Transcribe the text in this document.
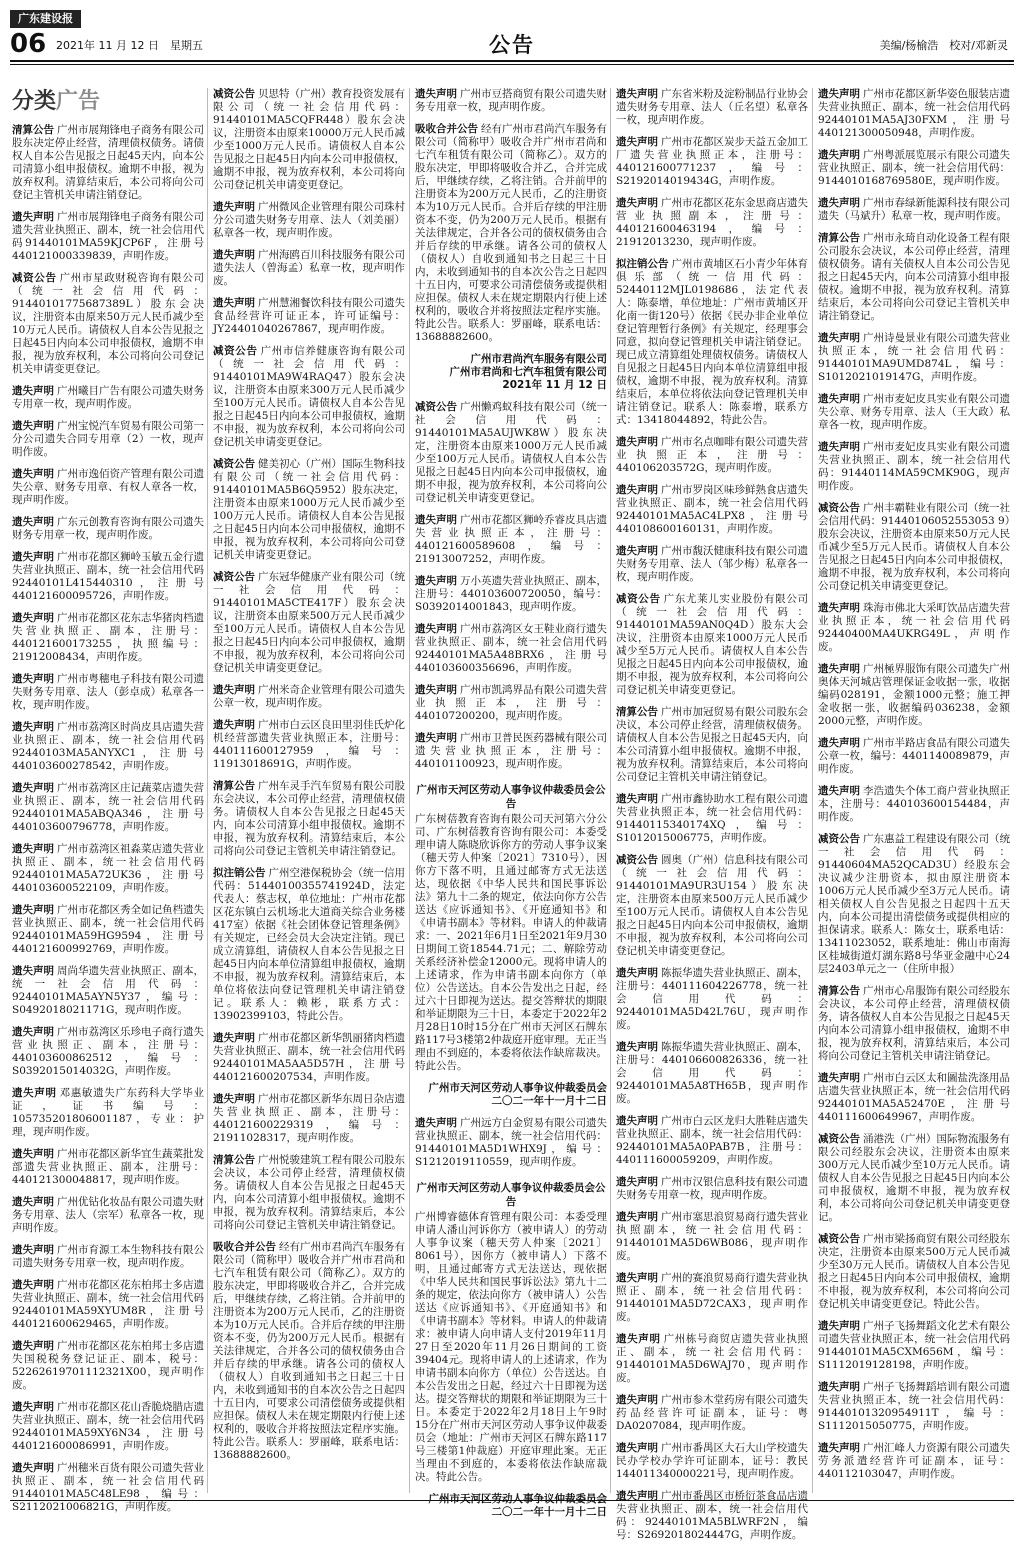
广东建设报
06 2021年 11 月 12 日　星期五	公告	美编/杨榆浩　校对/邓新灵
分类广告

清算公告 广州市展翔锋电子商务有限公司股东决定停止经营，清理债权债务。请债权人自本公告见报之日起45天内，向本公司清算小组申报债权。逾期不申报，视为放弃权利。清算结束后，本公司将向公司登记主管机关申请注销登记。

遗失声明 广州市展翔锋电子商务有限公司遗失营业执照正、副本，统一社会信用代码91440101MA59KJCP6F，注册号440121000339839，声明作废。

减资公告 广州市星政财税咨询有限公司（统一社会信用代码：91440101775687389L）股东会决议，注册资本由原来50万元人民币减少至10万元人民币。请债权人自本公告见报之日起45日内向本公司申报债权，逾期不申报，视为放弃权利，本公司将向公司登记机关申请变更登记。

遗失声明 广州曦目广告有限公司遗失财务专用章一枚，现声明作废。

遗失声明 广州宝悦汽车贸易有限公司第一分公司遗失合同专用章（2）一枚，现声明作废。

遗失声明 广州市逸佰资产管理有限公司遗失公章、财务专用章、有权人章各一枚，现声明作废。

遗失声明 广东元创教育咨询有限公司遗失财务专用章一枚，现声明作废。

遗失声明 广州市花都区狮岭玉敏五金行遗失营业执照正、副本，统一社会信用代码92440101L415440310，注册号440121600095726，声明作废。

遗失声明 广州市花都区花东志华猪肉档遗失营业执照正、副本，注册号：440121600173255，执照编号：21912008434，声明作废。

遗失声明 广州市粤穗电子科技有限公司遗失财务专用章、法人（彭卓成）私章各一枚，现声明作废。

遗失声明 广州市荔湾区时尚皮具店遗失营业执照正、副本，统一社会信用代码92440103MA5ANYXC1，注册号440103600278542，声明作废。

遗失声明 广州市荔湾区庄记蔬菜店遗失营业执照正、副本，统一社会信用代码92440101MA5ABQA346，注册号440103600796778，声明作废。

遗失声明 广州市荔湾区祖淼菜店遗失营业执照正、副本，统一社会信用代码92440101MA5A72UK36，注册号440103600522109，声明作废。

遗失声明 广州市花都区秀全如记鱼档遗失营业执照正、副本，统一社会信用代码92440101MA59HG9594，注册号440121600992769，声明作废。

遗失声明 周尚华遗失营业执照正、副本，统一社会信用代码：92440101MA5AYN5Y37，编号：S0492018021171G，现声明作废。

遗失声明 广州市荔湾区乐珍电子商行遗失营业执照正、副本，注册号：440103600862512，编号：S0392015014032G，声明作废。

遗失声明 邓惠敏遗失广东药科大学毕业证，证书编号：105735201806001187，专业：护理，现声明作废。

遗失声明 广州市花都区新华宜生蔬菜批发部遗失营业执照正、副本，注册号：440121300048817，现声明作废。

遗失声明 广州优钻化妆品有限公司遗失财务专用章、法人（宗军）私章各一枚，现声明作废。

遗失声明 广州市育源工本生物科技有限公司遗失财务专用章一枚，现声明作废。

遗失声明 广州市花都区花东柏邦士多店遗失营业执照正、副本，统一社会信用代码92440101MA59XYUM8R，注册号440121600629465，声明作废。

遗失声明 广州市花都区花东柏邦士多店遗失国税税务登记证正、副本，税号：52262619701112321X00，现声明作废。

遗失声明 广州市花都区花山香脆烧腊店遗失营业执照正、副本，统一社会信用代码92440101MA59XY6N34，注册号440121600086991，声明作废。

遗失声明 广州穗米百货有限公司遗失营业执照正、副本，统一社会信用代码91440101MA5C48LE98，编号：S2112021006821G，声明作废。

减资公告 贝思特（广州）教育投资发展有限公司（统一社会信用代码：91440101MA5CQFR448）股东会决议，注册资本由原来10000万元人民币减少至1000万元人民币。请债权人自本公告见报之日起45日内向本公司申报债权，逾期不申报，视为放弃权利，本公司将向公司登记机关申请变更登记。

遗失声明 广州微风企业管理有限公司珠村分公司遗失财务专用章、法人（刘美丽）私章各一枚，现声明作废。

遗失声明 广州海鸥百川科技服务有限公司遗失法人（曾海孟）私章一枚，现声明作废。

遗失声明 广州慧湘餐饮科技有限公司遗失食品经营许可证正本，许可证编号：JY24401040267867，现声明作废。

减资公告 广州市信养健康咨询有限公司（统一社会信用代码：91440101MA9W4RAQ47）股东会决议，注册资本由原来300万元人民币减少至100万元人民币。请债权人自本公告见报之日起45日内向本公司申报债权，逾期不申报，视为放弃权利，本公司将向公司登记机关申请变更登记。

减资公告 健美初心（广州）国际生物科技有限公司（统一社会信用代码：91440101MA5B6Q5952）股东决定，注册资本由原来1000万元人民币减少至100万元人民币。请债权人自本公告见报之日起45日内向本公司申报债权，逾期不申报，视为放弃权利，本公司将向公司登记机关申请变更登记。

减资公告 广东冠华健康产业有限公司（统一社会信用代码：91440101MA5CTE417F）股东会决议，注册资本由原来500万元人民币减少至100万元人民币。请债权人自本公告见报之日起45日内向本公司申报债权，逾期不申报，视为放弃权利，本公司将向公司登记机关申请变更登记。

遗失声明 广州米奇企业管理有限公司遗失公章一枚，现声明作废。

遗失声明 广州市白云区良田里羽佳氏炉化机经营部遗失营业执照正本，注册号：440111600127959，编号：11913018691G，声明作废。

清算公告 广州车灵手汽车贸易有限公司股东会决议，本公司停止经营，清理债权债务。请债权人自本公告见报之日起45天内，向本公司清算小组申报债权。逾期不申报，视为放弃权利。清算结束后，本公司将向公司登记主管机关申请注销登记。

拟注销公告 广州空港保税协会（统一信用代码：51440100355741924D，法定代表人：蔡志权，单位地址：广州市花都区花东镇白云机场北大道商关综合业务楼417室）依据《社会团体登记管理条例》有关规定，已经会员大会决定注销。现已成立清算组，请债权人自本公告见报之日起45日内向本单位清算组申报债权，逾期不申报，视为放弃权利。清算结束后，本单位将依法向登记管理机关申请注销登记。联系人：赖彬，联系方式：13902399103，特此公告。

遗失声明 广州市花都区新华凯丽猪肉档遗失营业执照正、副本，统一社会信用代码92440101MA5AA5D57H，注册号440121600207534，声明作废。

遗失声明 广州市花都区新华东周日杂店遗失营业执照正、副本，注册号：440121600229319，编号：21911028317，现声明作废。

清算公告 广州悦骏建筑工程有限公司股东会决议，本公司停止经营，清理债权债务。请债权人自本公告见报之日起45天内，向本公司清算小组申报债权。逾期不申报，视为放弃权利。清算结束后，本公司将向公司登记主管机关申请注销登记。

吸收合并公告 经有广州市君尚汽车服务有限公司（简称甲）吸收合并广州市君尚和七汽车租赁有限公司（简称乙）。双方的股东决定，甲即将吸收合并乙，合并完成后，甲继续存续，乙将注销。合并前甲的注册资本为200万元人民币，乙的注册资本为10万元人民币。合并后存续的甲注册资本不变，仍为200万元人民币。根据有关法律规定，合并各公司的债权债务由合并后存续的甲承继。请各公司的债权人（债权人）自收到通知书之日起三十日内，未收到通知书的自本次公告之日起四十五日内，可要求公司清偿债务或提供相应担保。债权人未在规定期限内行使上述权利的，吸收合并将按照法定程序实施。特此公告。联系人：罗丽峰，联系电话：13688882600。

遗失声明 广州市豆搭商贸有限公司遗失财务专用章一枚，现声明作废。

吸收合并公告 经有广州市君尚汽车服务有限公司（简称甲）吸收合并广州市君尚和七汽车租赁有限公司（简称乙）。双方的股东决定，甲即将吸收合并乙，合并完成后，甲继续存续，乙将注销。合并前甲的注册资本为200万元人民币，乙的注册资本为10万元人民币。合并后存续的甲注册资本不变，仍为200万元人民币。根据有关法律规定，合并各公司的债权债务由合并后存续的甲承继。请各公司的债权人（债权人）自收到通知书之日起三十日内，未收到通知书的自本次公告之日起四十五日内，可要求公司清偿债务或提供相应担保。债权人未在规定期限内行使上述权利的，吸收合并将按照法定程序实施。特此公告。联系人：罗丽峰，联系电话：13688882600。

广州市君尚汽车服务有限公司

广州市君尚和七汽车租赁有限公司

2021年 11 月 12 日

减资公告 广州懒鸡蚁科技有限公司（统一社会信用代码：91440101MA5AUJWK8W）股东决定，注册资本由原来1000万元人民币减少至100万元人民币。请债权人自本公告见报之日起45日内向本公司申报债权，逾期不申报，视为放弃权利，本公司将向公司登记机关申请变更登记。

遗失声明 广州市花都区狮岭乔睿皮具店遗失营业执照正本，注册号：440121600589608，编号：21913007252，声明作废。

遗失声明 万小英遗失营业执照正、副本，注册号：440103600720050，编号：S0392014001843，现声明作废。

遗失声明 广州市荔湾区女王鞋业商行遗失营业执照正、副本，统一社会信用代码92440101MA5A48BRX6，注册号440103600356696，声明作废。

遗失声明 广州市凯鸿界品有限公司遗失营业执照正本，注册号：440107200200，现声明作废。

遗失声明 广州市卫普民医药器械有限公司遗失营业执照正本，注册号：440101100923，现声明作废。

广州市天河区劳动人事争议仲裁委员会公告

广东树蓓教育咨询有限公司天河第六分公司、广东树蓓教育咨询有限公司：本委受理申请人陈晓欣诉你方的劳动人事争议案（穗天劳人仲案〔2021〕7310号），因你方下落不明，且通过邮寄方式无法送达，现依据《中华人民共和国民事诉讼法》第九十二条的规定，依法向你方公告送达《应诉通知书》、《开庭通知书》和《申请书副本》等材料。申请人的仲裁请求：一、2021年6月1日至2021年9月30日期间工资18544.71元；二、解除劳动关系经济补偿金12000元。现将申请人的上述请求，作为申请书副本向你方（单位）公告送达。自本公告发出之日起，经过六十日即视为送达。提交答辩状的期限和举证期限为三十日，本委定于2022年2月28日10时15分在广州市天河区石牌东路117号3楼第2仲裁庭开庭审理。无正当理由不到庭的，本委将依法作缺席裁决。特此公告。

广州市天河区劳动人事争议仲裁委员会

二〇二一年十一月十二日

遗失声明 广州远方白金贸易有限公司遗失营业执照正、副本，统一社会信用代码：91440101MA5D1WHX9J，编号：S1212019110559，现声明作废。

广州市天河区劳动人事争议仲裁委员会公告

广州博睿德体育管理有限公司：本委受理申请人潘山河诉你方（被申请人）的劳动人事争议案（穗天劳人仲案〔2021〕8061号），因你方（被申请人）下落不明，且通过邮寄方式无法送达，现依据《中华人民共和国民事诉讼法》第九十二条的规定，依法向你方（被申请人）公告送达《应诉通知书》、《开庭通知书》和《申请书副本》等材料。申请人的仲裁请求：被申请人向申请人支付2019年11月27日至2020年11月26日期间的工资39404元。现将申请人的上述请求，作为申请书副本向你方（单位）公告送达。自本公告发出之日起，经过六十日即视为送达。提交答辩状的期限和举证期限为三十日。本委定于2022年2月18日上午9时15分在广州市天河区劳动人事争议仲裁委员会（地址：广州市天河区石牌东路117号三楼第1仲裁庭）开庭审理此案。无正当理由不到庭的，本委将依法作缺席裁决。特此公告。

广州市天河区劳动人事争议仲裁委员会

二〇二一年十一月十二日

遗失声明 广东省米粉及淀粉制品行业协会遗失财务专用章、法人（丘名望）私章各一枚，现声明作废。

遗失声明 广州市花都区炭步天益五金加工厂遗失营业执照正本，注册号：440121600771237，编号：S2192014019434G，声明作废。

遗失声明 广州市花都区花东金思商店遗失营业执照副本，注册号：440121600463194，编号：21912013230，现声明作废。

拟注销公告 广州市黄埔区石小青少年体育俱乐部（统一信用代码：52440112MJL0198686，法定代表人：陈泰增，单位地址：广州市黄埔区开化南一街120号）依据《民办非企业单位登记管理暂行条例》有关规定，经理事会同意，拟向登记管理机关申请注销登记。现已成立清算组处理债权债务。请债权人自见报之日起45日内向本单位清算组申报债权，逾期不申报，视为放弃权利。清算结束后，本单位将依法向登记管理机关申请注销登记。联系人：陈泰增，联系方式：13418044892，特此公告。

遗失声明 广州市名点咖啡有限公司遗失营业执照正本，注册号：440106203572G，现声明作废。

遗失声明 广州市罗岗区味珍鲜熟食店遗失营业执照正、副本，统一社会信用代码92440101MA5AC4LPX8，注册号440108600160131，声明作废。

遗失声明 广州市馥沃健康科技有限公司遗失财务专用章、法人（邹少梅）私章各一枚，现声明作废。

减资公告 广东尤莱儿实业股份有限公司（统一社会信用代码：91440101MA59AN0Q4D）股东大会决议，注册资本由原来1000万元人民币减少至5万元人民币。请债权人自本公告见报之日起45日内向本公司申报债权，逾期不申报，视为放弃权利，本公司将向公司登记机关申请变更登记。

清算公告 广州市加冠贸易有限公司股东会决议，本公司停止经营，清理债权债务。请债权人自本公告见报之日起45天内，向本公司清算小组申报债权。逾期不申报，视为放弃权利。清算结束后，本公司将向公司登记主管机关申请注销登记。

遗失声明 广州市鑫协助水工程有限公司遗失营业执照正本，统一社会信用代码：91440115340174XQ，编号：S1012015006775，声明作废。

减资公告 圆奥（广州）信息科技有限公司（统一社会信用代码：91440101MA9UR3U154）股东决定，注册资本由原来500万元人民币减少至100万元人民币。请债权人自本公告见报之日起45日内向本公司申报债权，逾期不申报，视为放弃权利，本公司将向公司登记机关申请变更登记。

遗失声明 陈振华遗失营业执照正、副本，注册号：440111604226778，统一社会信用代码：92440101MA5D42L76U，现声明作废。

遗失声明 陈振华遗失营业执照正、副本，注册号：440106600826336，统一社会信用代码：92440101MA5A8TH65B，现声明作废。

遗失声明 广州市白云区龙归大胜鞋店遗失营业执照正、副本，统一社会信用代码：92440101MA5A0PAB7B，注册号：440111600059209，声明作废。

遗失声明 广州市汉银信息科技有限公司遗失财务专用章一枚，现声明作废。

遗失声明 广州市塞思浪贸易商行遗失营业执照副本，统一社会信用代码：91440101MA5D6WB086，现声明作废。

遗失声明 广州的赛浪贸易商行遗失营业执照正、副本，统一社会信用代码：91440101MA5D72CAX3，现声明作废。

遗失声明 广州栋号商贸店遗失营业执照正、副本，统一社会信用代码：91440101MA5D6WAJ70，现声明作废。

遗失声明 广州市参木堂药房有限公司遗失药品经营许可证副本，证号：粤DA0207084，现声明作废。

遗失声明 广州市番禺区大石大山学校遗失民办学校办学许可证副本，证号：教民144011340000221号，现声明作废。

遗失声明 广州市番禺区市桥衍茶食品店遗失营业执照正、副本，统一社会信用代码：92440101MA5BLWRF2N，编号：S2692018024447G，声明作废。

遗失声明 广州市花都区新华姿色服装店遗失营业执照正、副本，统一社会信用代码92440101MA5AJ30FXM，注册号440121300050948，声明作废。

遗失声明 广州粤派展览展示有限公司遗失营业执照正、副本，统一社会信用代码：9144010168769580E，现声明作废。

遗失声明 广州市春绿新能源科技有限公司遗失（马斌升）私章一枚，现声明作废。

清算公告 广州市永琦自动化设备工程有限公司股东会决议，本公司停止经营，清理债权债务。请有关债权人自本公司公告见报之日起45天内，向本公司清算小组申报债权。逾期不申报，视为放弃权利。清算结束后，本公司将向公司登记主管机关申请注销登记。

遗失声明 广州诗曼景业有限公司遗失营业执照正本，统一社会信用代码：91440101MA9UMD874L，编号：S1012021019147G，声明作废。

遗失声明 广州市麦妃皮具实业有限公司遗失公章、财务专用章、法人（王大政）私章各一枚，现声明作废。

遗失声明 广州市麦妃皮具实业有限公司遗失营业执照正、副本，统一社会信用代码：91440114MA59CMK90G，现声明作废。

减资公告 广州丰霸鞋业有限公司（统一社会信用代码：91440106052553053 9）股东会决议，注册资本由原来50万元人民币减少至5万元人民币。请债权人自本公告见报之日起45日内向本公司申报债权，逾期不申报，视为放弃权利，本公司将向公司登记机关申请变更登记。

遗失声明 珠海市佛北大采町饮品店遗失营业执照正本，统一社会信用代码92440400MA4UKRG49L，声明作废。

遗失声明 广州極界服饰有限公司遗失广州奥体天河城店管理保证金收据一张，收据编码028191，金额1000元整；施工押金收据一张，收据编码036238，金额2000元整，声明作废。

遗失声明 广州市半路店食品有限公司遗失公章一枚，编号：4401140089879，声明作废。

遗失声明 李浩遗失个体工商户营业执照正本，注册号：440103600154484，声明作废。

减资公告 广东惠益工程建设有限公司（统一社会信用代码：91440604MA52QCAD3U）经股东会决议减少注册资本，拟由原注册资本1006万元人民币减少至3万元人民币。请相关债权人自公告见报之日起四十五天内，向本公司提出清偿债务或提供相应的担保请求。联系人：陈女士，联系电话：13411023052，联系地址：佛山市南海区桂城街道灯湖东路8号华亚金融中心24层2403单元之一（住所申报）

清算公告 广州市心帛服饰有限公司经股东会决议，本公司停止经营，清理债权债务，请各债权人自本公告见报之日起45天内向本公司清算小组申报债权，逾期不申报，视为放弃权利，清算结束后，本公司将向公司登记主管机关申请注销登记。

遗失声明 广州市白云区太和圖盐洗涤用品店遗失营业执照正本，统一社会信用代码92440101MA5A52470E，注册号440111600649967，声明作废。

减资公告 涌港洗（广州）国际物流服务有限公司经股东会决议，注册资本由原来300万元人民币减少至10万元人民币。请债权人自本公告见报之日起45日内向本公司申报债权，逾期不申报，视为放弃权利，本公司将向公司登记机关申请变更登记。

减资公告 广州市梁扬商贸有限公司经股东决定，注册资本由原来500万元人民币减少至30万元人民币。请债权人自本公告见报之日起45日内向本公司申报债权，逾期不申报，视为放弃权利，本公司将向公司登记机关申请变更登记。特此公告。

遗失声明 广州子飞扬舞蹈文化艺术有限公司遗失营业执照正本，统一社会信用代码91440101MA5CXM656M，编号：S1112019128198，声明作废。

遗失声明 广州子飞扬舞蹈培训有限公司遗失营业执照正本，统一社会信用代码：91440101320954911T，编号：S1112015050775，声明作废。

遗失声明 广州汇峰人力资源有限公司遗失劳务派遣经营许可证副本，证号：440112103047，声明作废。
